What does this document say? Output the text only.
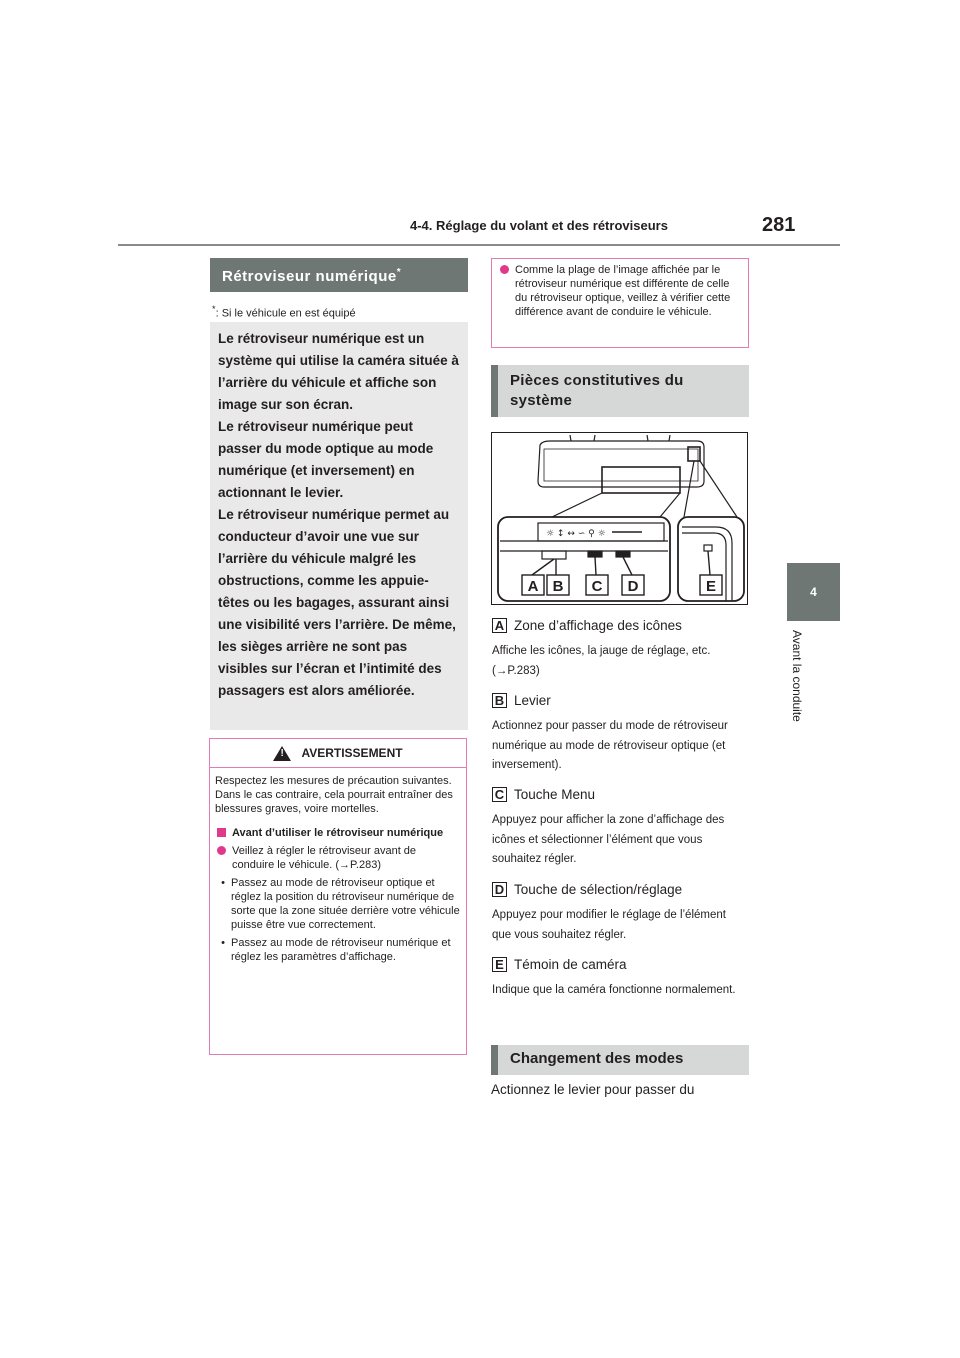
4-4. Réglage du volant et des rétroviseurs	281
4
Avant la conduite
Rétroviseur numérique*
*: Si le véhicule en est équipé

Le rétroviseur numérique est un système qui utilise la caméra située à l’arrière du véhicule et affiche son image sur son écran.

Le rétroviseur numérique peut passer du mode optique au mode numérique (et inversement) en actionnant le levier.

Le rétroviseur numérique permet au conducteur d’avoir une vue sur l’arrière du véhicule malgré les obstructions, comme les appuie-têtes ou les bagages, assurant ainsi une visibilité vers l’arrière. De même, les sièges arrière ne sont pas visibles sur l’écran et l’intimité des passagers est alors améliorée.

!
AVERTISSEMENT

Respectez les mesures de précaution suivantes. Dans le cas contraire, cela pourrait entraîner des blessures graves, voire mortelles.

Avant d’utiliser le rétroviseur numérique
Veillez à régler le rétroviseur avant de conduire le véhicule. (→P.283)
• Passez au mode de rétroviseur optique et réglez la position du rétroviseur numérique de sorte que la zone située derrière votre véhicule puisse être vue correctement.
• Passez au mode de rétroviseur numérique et réglez les paramètres d’affichage.
Comme la plage de l’image affichée par le rétroviseur numérique est différente de celle du rétroviseur optique, veillez à vérifier cette différence avant de conduire le véhicule.
Pièces constitutives du système
☼ ↕ ↔ ∽ ⚲ ☼
A B C D	E
A Zone d’affichage des icônes
Affiche les icônes, la jauge de réglage, etc. (→P.283)
B Levier
Actionnez pour passer du mode de rétroviseur numérique au mode de rétroviseur optique (et inversement).
C Touche Menu
Appuyez pour afficher la zone d’affichage des icônes et sélectionner l’élément que vous souhaitez régler.
D Touche de sélection/réglage
Appuyez pour modifier le réglage de l’élément que vous souhaitez régler.
E Témoin de caméra
Indique que la caméra fonctionne normalement.
Changement des modes
Actionnez le levier pour passer du
